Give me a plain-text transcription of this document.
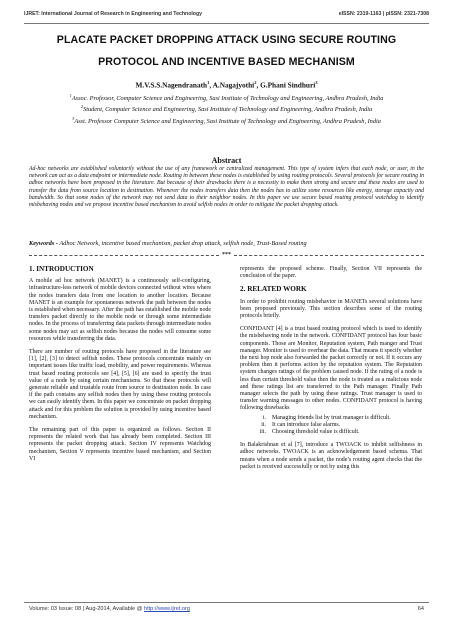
IJRET: International Journal of Research in Engineering and Technology	eISSN: 2319-1163 | pISSN: 2321-7308
PLACATE PACKET DROPPING ATTACK USING SECURE ROUTING PROTOCOL AND INCENTIVE BASED MECHANISM
M.V.S.S.Nagendranath$^1$, A.Nagajyothi$^2$, G.Phani Sindhuri$^3$
$^1$Assoc. Professor, Computer Science and Engineering, Sasi Institute of Technology and Engineering, Andhra Pradesh, India
$^2$Student, Computer Science and Engineering, Sasi Institute of Technology and Engineering, Andhra Pradesh, India
$^3$Asst. Professor Computer Science and Engineering, Sasi Institute of Technology and Engineering, Andhra Pradesh, India
Abstract
Ad-hoc networks are established voluntarily without the use of any framework or centralized management. This type of system infers that each node, or user, in the network can act as a data endpoint or intermediate node. Routing in between these nodes is established by using routing protocols. Several protocols for secure routing in adhoc networks have been proposed in the literature. But because of their drawbacks there is a necessity to make them strong and secure and these nodes are used to transfer the data from source location to destination. Whenever the nodes transfers data then the nodes has to utilize some resources like energy, storage capacity and bandwidth. So that some nodes of the network may not send data to their neighbor nodes. In this paper we use secure based routing protocol watchdog to identify misbehaving nodes and we propose incentive based mechanism to avoid selfish nodes in order to mitigate the packet dropping attack.
Keywords - Adhoc Network, incentive based mechanism, packet drop attack, selfish node, Trust-Based routing
***
1. INTRODUCTION

A mobile ad hoc network (MANET) is a continuously self-configuring, infrastructure-less network of mobile devices connected without wires where the nodes transfers data from one location to another location. Because MANET is an example for spontaneous network the path between the nodes is established when necessary. After the path has established the mobile node transfers packet directly to the mobile node or through some intermediate nodes. In the process of transferring data packets through intermediate nodes some nodes may act as selfish nodes because the nodes will consume some resources while transferring the data.

There are number of routing protocols have proposed in the literature see [1], [2], [3] to detect selfish nodes. These protocols concentrate mainly on important issues like traffic load, mobility, and power requirements. Whereas trust based routing protocols see [4], [5], [6] are used to specify the trust value of a node by using certain mechanisms. So that these protocols will generate reliable and trustable route from source to destination node. In case if the path contains any selfish nodes then by using these routing protocols we can easily identify them. In this paper we concentrate on packet dropping attack and for this problem the solution is provided by using incentive based mechanism.

The remaining part of this paper is organized as follows. Section II represents the related work that has already been completed. Section III represents the packet dropping attack. Section IV represents Watchdog mechanism, Section V represents incentive based mechanism, and Section VI

represents the proposed scheme. Finally, Section VII represents the conclusion of the paper.

2. RELATED WORK

In order to prohibit routing misbehavior in MANETs several solutions have been proposed previously. This section describes some of the routing protocols briefly.

CONFIDANT [4] is a trust based routing protocol which is used to identify the misbehaving node in the network. CONFIDANT protocol has four basic components. Those are Monitor, Reputation system, Path manger and Trust manager. Monitor is used to overhear the data. That means it specify whether the next hop node also forwarded the packet correctly or not. If it occurs any problem then it performs action by the reputation system. The Reputation system changes ratings of the problem caused node. If the rating of a node is less than certain threshold value then the node is treated as a malicious node and these ratings list are transferred to the Path manager. Finally Path manager selects the path by using these ratings. Trust manager is used to transfer warning messages to other nodes. CONFIDANT protocol is having following drawbacks

i.	Managing friends list by trust manager is difficult.
ii.	It can introduce false alarms.
iii.	Choosing threshold value is difficult.

In Balakrishnan et al [7], introduce a TWOACK to inhibit selfishness in adhoc networks. TWOACK is an acknowledgement based schema. That means when a node sends a packet, the node’s routing agent checks that the packet is received successfully or not by using this

Volume: 03 Issue: 08 | Aug-2014, Available @ http://www.ijret.org	64
